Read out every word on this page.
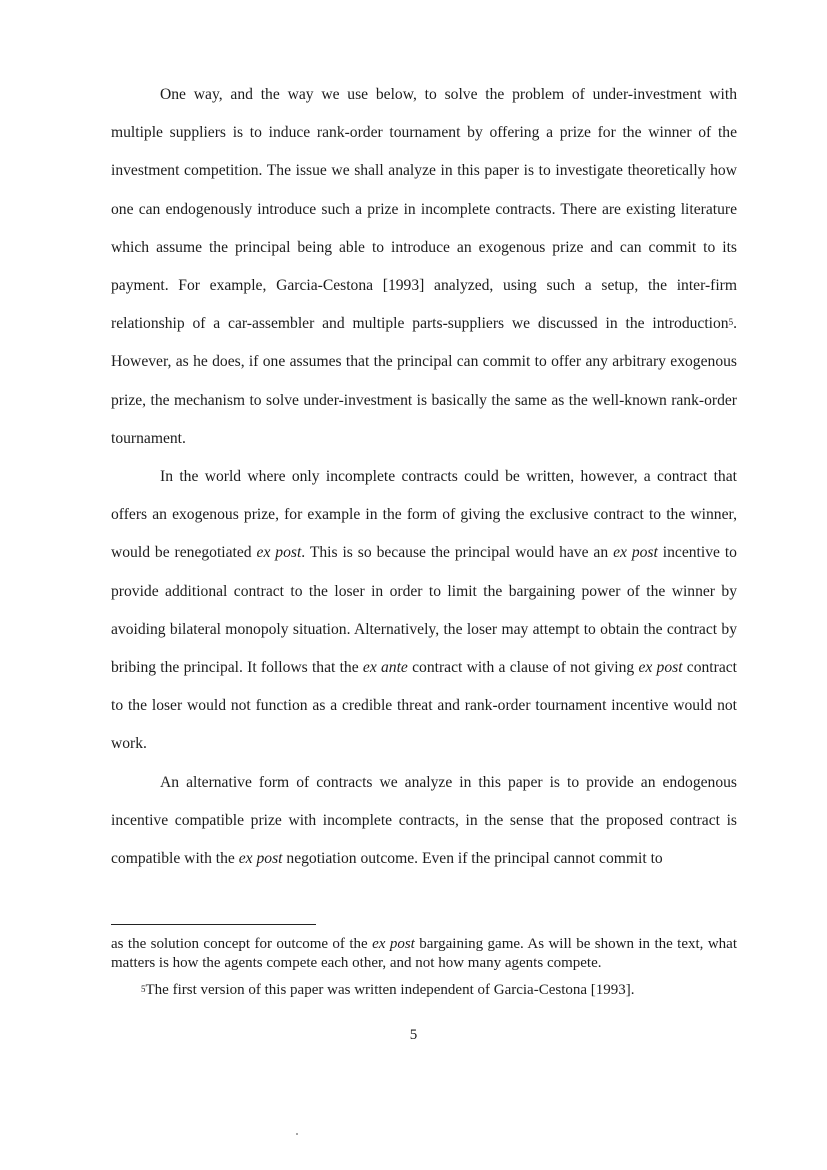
One way, and the way we use below, to solve the problem of under-investment with multiple suppliers is to induce rank-order tournament by offering a prize for the winner of the investment competition. The issue we shall analyze in this paper is to investigate theoretically how one can endogenously introduce such a prize in incomplete contracts. There are existing literature which assume the principal being able to introduce an exogenous prize and can commit to its payment. For example, Garcia-Cestona [1993] analyzed, using such a setup, the inter-firm relationship of a car-assembler and multiple parts-suppliers we discussed in the introduction$^5$. However, as he does, if one assumes that the principal can commit to offer any arbitrary exogenous prize, the mechanism to solve under-investment is basically the same as the well-known rank-order tournament.

In the world where only incomplete contracts could be written, however, a contract that offers an exogenous prize, for example in the form of giving the exclusive contract to the winner, would be renegotiated ex post. This is so because the principal would have an ex post incentive to provide additional contract to the loser in order to limit the bargaining power of the winner by avoiding bilateral monopoly situation. Alternatively, the loser may attempt to obtain the contract by bribing the principal. It follows that the ex ante contract with a clause of not giving ex post contract to the loser would not function as a credible threat and rank-order tournament incentive would not work.

An alternative form of contracts we analyze in this paper is to provide an endogenous incentive compatible prize with incomplete contracts, in the sense that the proposed contract is compatible with the ex post negotiation outcome. Even if the principal cannot commit to

as the solution concept for outcome of the ex post bargaining game. As will be shown in the text, what matters is how the agents compete each other, and not how many agents compete.

$^5$The first version of this paper was written independent of Garcia-Cestona [1993].

5
